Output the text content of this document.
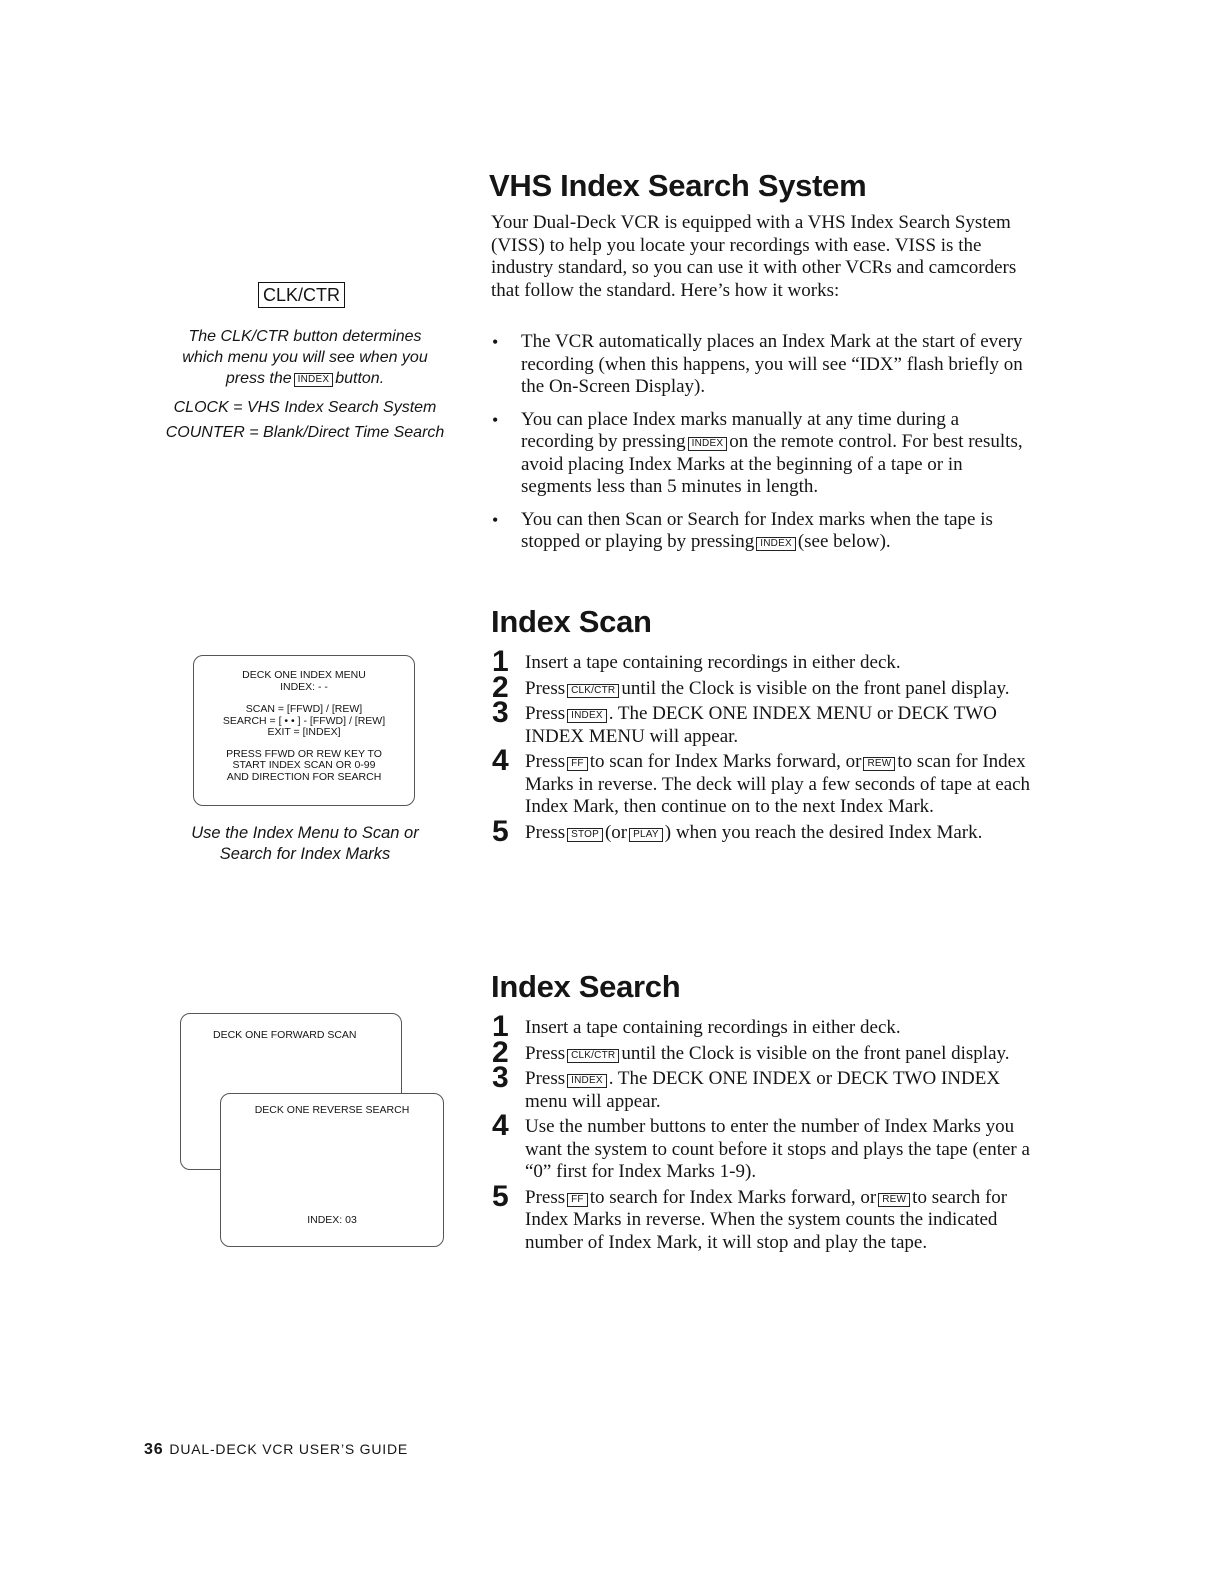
CLK/CTR
The CLK/CTR button determines
which menu you will see when you
press the INDEX button.
CLOCK = VHS Index Search System
COUNTER = Blank/Direct Time Search
DECK ONE INDEX MENU
INDEX: - -
SCAN = [FFWD] / [REW]
SEARCH = [ • • ] - [FFWD] / [REW]
EXIT = [INDEX]
PRESS FFWD OR REW KEY TO
START INDEX SCAN OR 0-99
AND DIRECTION FOR SEARCH
Use the Index Menu to Scan or
Search for Index Marks
DECK ONE FORWARD SCAN
DECK ONE REVERSE SEARCH
INDEX: 03
VHS Index Search System

Your Dual-Deck VCR is equipped with a VHS Index Search System (VISS) to help you locate your recordings with ease. VISS is the industry standard, so you can use it with other VCRs and camcorders that follow the standard. Here’s how it works:

• The VCR automatically places an Index Mark at the start of every recording (when this happens, you will see “IDX” flash briefly on the On-Screen Display).
• You can place Index marks manually at any time during a recording by pressing INDEX on the remote control. For best results, avoid placing Index Marks at the beginning of a tape or in segments less than 5 minutes in length.
• You can then Scan or Search for Index marks when the tape is stopped or playing by pressing INDEX (see below).
Index Scan
1 Insert a tape containing recordings in either deck.
2 Press CLK/CTR until the Clock is visible on the front panel display.
3 Press INDEX . The DECK ONE INDEX MENU or DECK TWO INDEX MENU will appear.
4 Press FF to scan for Index Marks forward, or REW to scan for Index Marks in reverse. The deck will play a few seconds of tape at each Index Mark, then continue on to the next Index Mark.
5 Press STOP (or PLAY ) when you reach the desired Index Mark.
Index Search
1 Insert a tape containing recordings in either deck.
2 Press CLK/CTR until the Clock is visible on the front panel display.
3 Press INDEX . The DECK ONE INDEX or DECK TWO INDEX menu will appear.
4 Use the number buttons to enter the number of Index Marks you want the system to count before it stops and plays the tape (enter a “0” first for Index Marks 1-9).
5 Press FF to search for Index Marks forward, or REW to search for Index Marks in reverse. When the system counts the indicated number of Index Mark, it will stop and play the tape.
36 DUAL-DECK VCR USER’S GUIDE
